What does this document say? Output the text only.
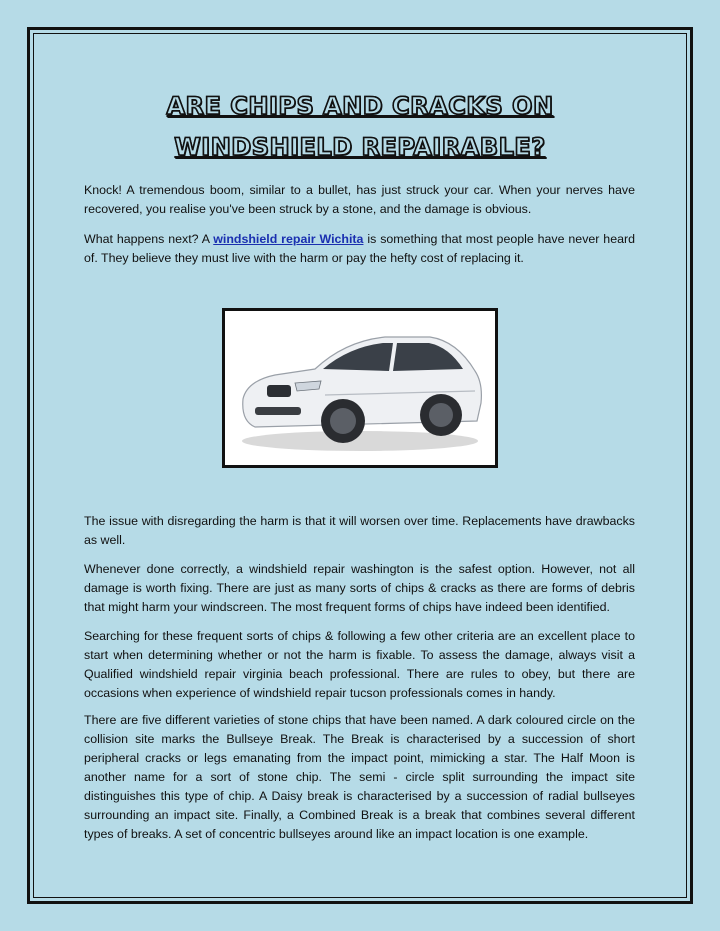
ARE CHIPS AND CRACKS ON WINDSHIELD REPAIRABLE?

Knock! A tremendous boom, similar to a bullet, has just struck your car. When your nerves have recovered, you realise you've been struck by a stone, and the damage is obvious.

What happens next? A windshield repair Wichita is something that most people have never heard of. They believe they must live with the harm or pay the hefty cost of replacing it.

The issue with disregarding the harm is that it will worsen over time. Replacements have drawbacks as well.

Whenever done correctly, a windshield repair washington is the safest option. However, not all damage is worth fixing. There are just as many sorts of chips & cracks as there are forms of debris that might harm your windscreen. The most frequent forms of chips have indeed been identified.

Searching for these frequent sorts of chips & following a few other criteria are an excellent place to start when determining whether or not the harm is fixable. To assess the damage, always visit a Qualified windshield repair virginia beach professional. There are rules to obey, but there are occasions when experience of windshield repair tucson professionals comes in handy.

There are five different varieties of stone chips that have been named. A dark coloured circle on the collision site marks the Bullseye Break. The Break is characterised by a succession of short peripheral cracks or legs emanating from the impact point, mimicking a star. The Half Moon is another name for a sort of stone chip. The semi - circle split surrounding the impact site distinguishes this type of chip. A Daisy break is characterised by a succession of radial bullseyes surrounding an impact site. Finally, a Combined Break is a break that combines several different types of breaks. A set of concentric bullseyes around like an impact location is one example.
